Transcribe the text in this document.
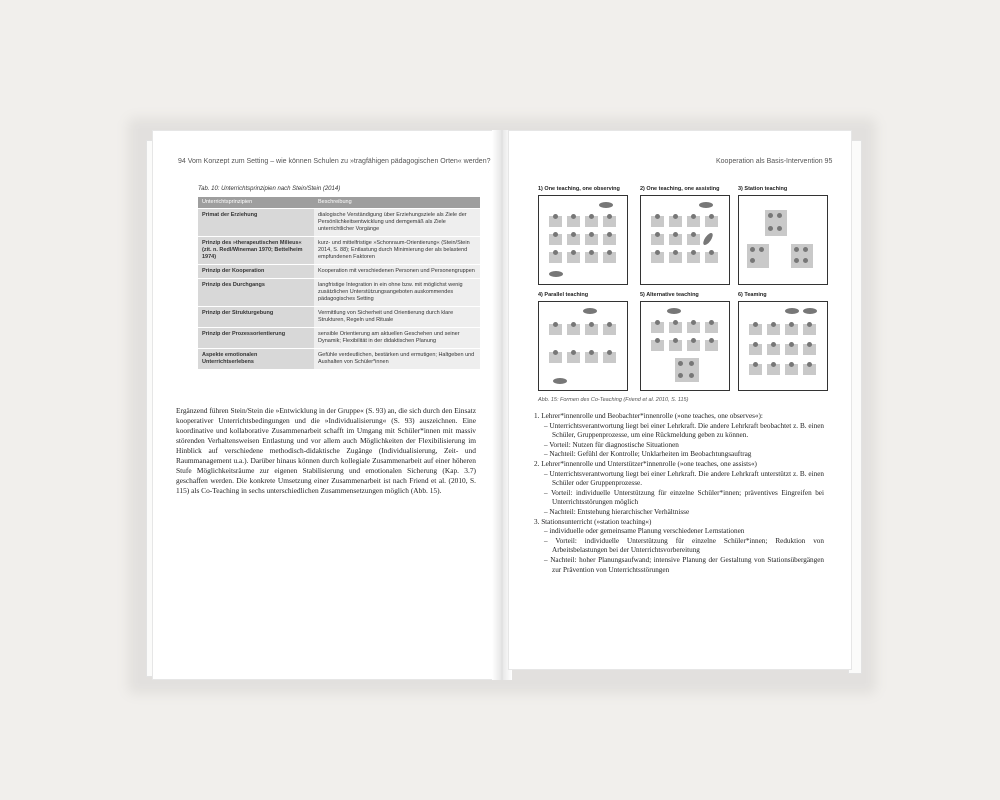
94 Vom Konzept zum Setting – wie können Schulen zu »tragfähigen pädagogischen Orten« werden?
Tab. 10: Unterrichtsprinzipien nach Stein/Stein (2014)
Unterrichtsprinzipien	Beschreibung
Primat der Erziehung	dialogische Verständigung über Erziehungsziele als Ziele der Persönlichkeitsentwicklung und demgemäß als Ziele unterrichtlicher Vorgänge
Prinzip des »therapeutischen Milieus« (zit. n. Redl/Wineman 1970; Bettelheim 1974)	kurz- und mittelfristige »Schonraum-Orientierung« (Stein/Stein 2014, S. 88); Entlastung durch Minimierung der als belastend empfundenen Faktoren
Prinzip der Kooperation	Kooperation mit verschiedenen Personen und Personengruppen
Prinzip des Durchgangs	langfristige Integration in ein ohne bzw. mit möglichst wenig zusätzlichen Unterstützungsangeboten auskommendes pädagogisches Setting
Prinzip der Strukturgebung	Vermittlung von Sicherheit und Orientierung durch klare Strukturen, Regeln und Rituale
Prinzip der Prozessorientierung	sensible Orientierung am aktuellen Geschehen und seiner Dynamik; Flexibilität in der didaktischen Planung
Aspekte emotionalen Unterrichtserlebens	Gefühle verdeutlichen, bestärken und ermutigen; Haltgeben und Aushalten von Schüler*innen
Ergänzend führen Stein/Stein die »Entwicklung in der Gruppe« (S. 93) an, die sich durch den Einsatz kooperativer Unterrichtsbedingungen und die »Individualisierung« (S. 93) auszeichnen. Eine koordinative und kollaborative Zusammenarbeit schafft im Umgang mit Schüler*innen mit massiv störenden Verhaltensweisen Entlastung und vor allem auch Möglichkeiten der Flexibilisierung im Hinblick auf verschiedene methodisch-didaktische Zugänge (Individualisierung, Zeit- und Raummanagement u.a.). Darüber hinaus können durch kollegiale Zusammenarbeit auf einer höheren Stufe Möglichkeitsräume zur eigenen Stabilisierung und emotionalen Sicherung (Kap. 3.7) geschaffen werden. Die konkrete Umsetzung einer Zusammenarbeit ist nach Friend et al. (2010, S. 115) als Co-Teaching in sechs unterschiedlichen Zusammensetzungen möglich (Abb. 15).
Kooperation als Basis-Intervention 95
1) One teaching, one observing	2) One teaching, one assisting	3) Station teaching
4) Parallel teaching	5) Alternative teaching	6) Teaming
Abb. 15: Formen des Co-Teaching (Friend et al. 2010, S. 115)

1. Lehrer*innenrolle und Beobachter*innenrolle (»one teaches, one observes«):

– Unterrichtsverantwortung liegt bei einer Lehrkraft. Die andere Lehrkraft beobachtet z. B. einen Schüler, Gruppenprozesse, um eine Rückmeldung geben zu können.

– Vorteil: Nutzen für diagnostische Situationen

– Nachteil: Gefühl der Kontrolle; Unklarheiten im Beobachtungsauftrag

2. Lehrer*innenrolle und Unterstützer*innenrolle (»one teaches, one assists«)

– Unterrichtsverantwortung liegt bei einer Lehrkraft. Die andere Lehrkraft unterstützt z. B. einen Schüler oder Gruppenprozesse.

– Vorteil: individuelle Unterstützung für einzelne Schüler*innen; präventives Eingreifen bei Unterrichtsstörungen möglich

– Nachteil: Entstehung hierarchischer Verhältnisse

3. Stationsunterricht (»station teaching«)

– individuelle oder gemeinsame Planung verschiedener Lernstationen

– Vorteil: individuelle Unterstützung für einzelne Schüler*innen; Reduktion von Arbeitsbelastungen bei der Unterrichtsvorbereitung

– Nachteil: hoher Planungsaufwand; intensive Planung der Gestaltung von Stationsübergängen zur Prävention von Unterrichtsstörungen
